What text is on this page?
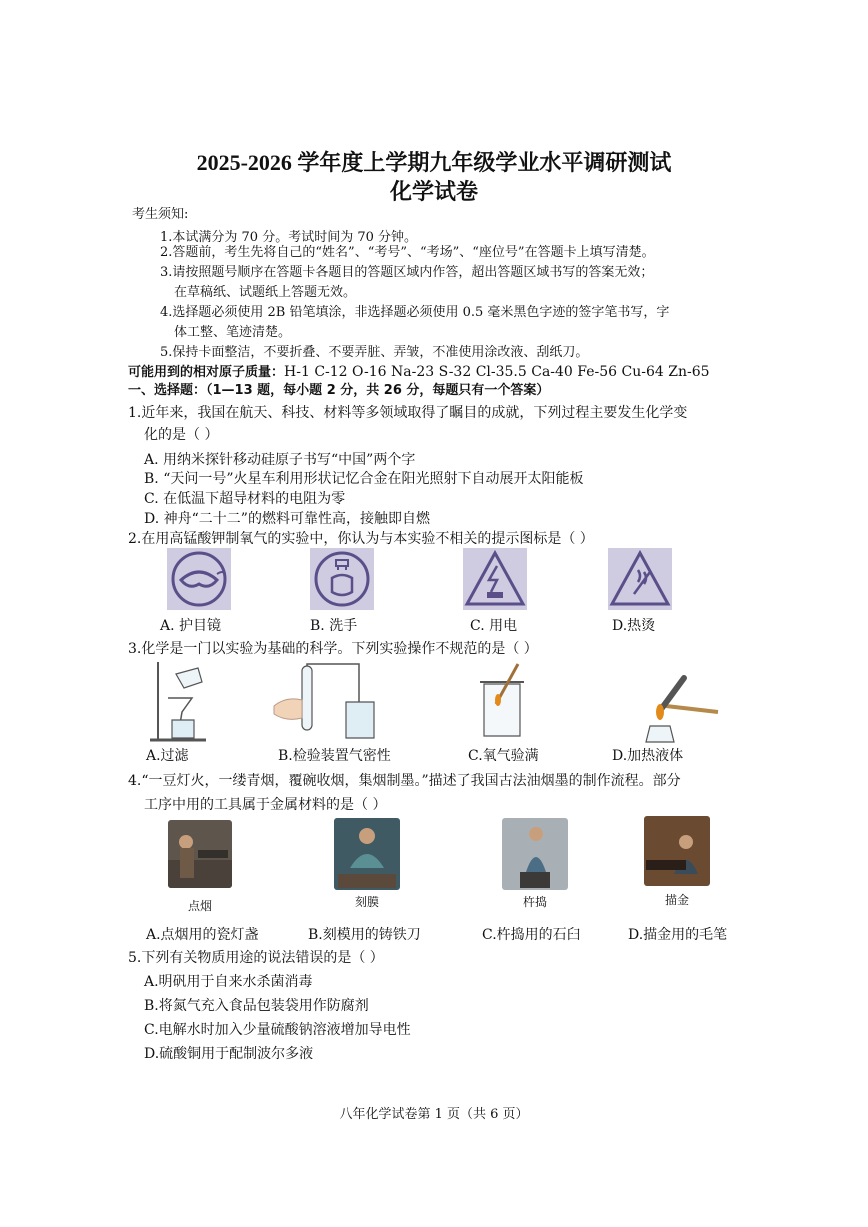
2025-2026 学年度上学期九年级学业水平调研测试
化学试卷
考生须知:
1.本试满分为 70 分。考试时间为 70 分钟。
2.答题前，考生先将自己的“姓名”、“考号”、“考场”、“座位号”在答题卡上填写清楚。
3.请按照题号顺序在答题卡各题目的答题区域内作答，超出答题区域书写的答案无效；
在草稿纸、试题纸上答题无效。
4.选择题必须使用 2B 铅笔填涂，非选择题必须使用 0.5 毫米黑色字迹的签字笔书写，字
体工整、笔迹清楚。
5.保持卡面整洁，不要折叠、不要弄脏、弄皱，不准使用涂改液、刮纸刀。
可能用到的相对原子质量：H-1 C-12 O-16 Na-23 S-32 Cl-35.5 Ca-40 Fe-56 Cu-64 Zn-65
一、选择题：（1—13 题，每小题 2 分，共 26 分，每题只有一个答案）
1.近年来，我国在航天、科技、材料等多领域取得了瞩目的成就，下列过程主要发生化学变
化的是（ ）
A. 用纳米探针移动硅原子书写“中国”两个字
B. “天问一号”火星车利用形状记忆合金在阳光照射下自动展开太阳能板
C. 在低温下超导材料的电阻为零
D. 神舟“二十二”的燃料可靠性高，接触即自燃
2.在用高锰酸钾制氧气的实验中，你认为与本实验不相关的提示图标是（ ）
A. 护目镜	B. 洗手	C. 用电	D.热烫
3.化学是一门以实验为基础的科学。下列实验操作不规范的是（ ）
A.过滤	B.检验装置气密性	C.氧气验满	D.加热液体
4.“一豆灯火，一缕青烟，覆碗收烟，集烟制墨。”描述了我国古法油烟墨的制作流程。部分
工序中用的工具属于金属材料的是（ ）
点烟	刻膜	杵捣	描金
A.点烟用的瓷灯盏	B.刻模用的铸铁刀	C.杵捣用的石臼	D.描金用的毛笔
5.下列有关物质用途的说法错误的是（ ）
A.明矾用于自来水杀菌消毒
B.将氮气充入食品包装袋用作防腐剂
C.电解水时加入少量硫酸钠溶液增加导电性
D.硫酸铜用于配制波尔多液
八年化学试卷第 1 页（共 6 页）
